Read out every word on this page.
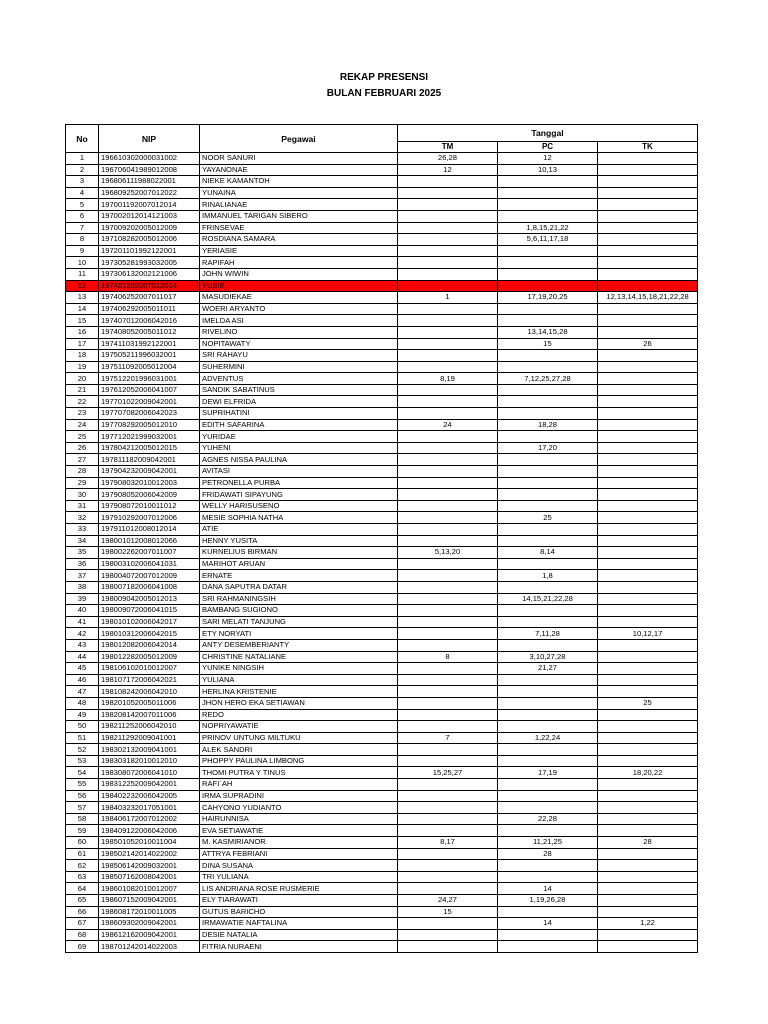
REKAP PRESENSI
BULAN FEBRUARI 2025
No	NIP	Pegawai	Tanggal		
			TM	PC	TK
1	196610302000031002	NOOR SANURI	26,28	12	
2	196706041989012008	YAYANONAE	12	10,13	
3	196806111988022001	NIEKE KAMANTOH			
4	196809252007012022	YUNAINA			
5	197001192007012014	RINALIANAE			
6	197002012014121003	IMMANUEL TARIGAN SIBERO			
7	197009202005012009	FRINSEVAE		1,8,15,21,22	
8	197108282005012006	ROSDIANA SAMARA		5,6,11,17,18	
9	197201101992122001	YERIASIE			
10	197305281993032005	RAPIFAH			
11	197306132002121006	JOHN WIWIN			
12	197401202007012014	YUSIE			
13	197406252007011017	MASUDIEKAE	1	17,19,20,25	12,13,14,15,18,21,22,28
14	197406292005011011	WOERI ARYANTO			
15	197407012006042016	IMELDA ASI			
16	197408052005011012	RIVELINO		13,14,15,28	
17	197411031992122001	NOPITAWATY		15	26
18	197505211996032001	SRI RAHAYU			
19	197511092005012004	SUHERMINI			
20	197512201996031001	ADVENTUS	8,19	7,12,25,27,28	
21	197612052006041007	SANDIK SABATINUS			
22	197701022009042001	DEWI ELFRIDA			
23	197707082006042023	SUPRIHATINI			
24	197708292005012010	EDITH SAFARINA	24	18,28	
25	197712021999032001	YURIDAE			
26	197804212005012015	YUHENI		17,20	
27	197811182009042001	AGNES NISSA PAULINA			
28	197904232009042001	AVITASI			
29	197908032010012003	PETRONELLA PURBA			
30	197908052006042009	FRIDAWATI SIPAYUNG			
31	197908072010011012	WELLY HARISUSENO			
32	197910292007012006	MESIE SOPHIA NATHA		25	
33	197911012008012014	ATIE			
34	198001012008012066	HENNY YUSITA			
35	198002262007011007	KURNELIUS BIRMAN	5,13,20	8,14	
36	198003102006041031	MARIHOT ARUAN			
37	198004072007012009	ERNATE		1,8	
38	198007182006041008	DANA SAPUTRA DATAR			
39	198009042005012013	SRI RAHMANINGSIH		14,15,21,22,28	
40	198009072006041015	BAMBANG SUGIONO			
41	198010102006042017	SARI MELATI TANJUNG			
42	198010312006042015	ETY NORYATI		7,11,28	10,12,17
43	198012082006042014	ANTY DESEMBERIANTY			
44	198012282005012009	CHRISTINE NATALIANE	8	3,10,27,28	
45	198106102010012007	YUNIKE NINGSIH		21,27	
46	198107172006042021	YULIANA			
47	198108242006042010	HERLINA KRISTENIE			
48	198201052005011006	JHON HERO EKA SETIAWAN			25
49	198208142007011006	REDO			
50	198211252006042010	NOPRIYAWATIE			
51	198211292009041001	PRINOV UNTUNG MILTUKU	7	1,22,24	
52	198302132009041001	ALEK SANDRI			
53	198303182010012010	PHOPPY PAULINA LIMBONG			
54	198308072006041010	THOMI PUTRA Y TINUS	15,25,27	17,19	18,20,22
55	198312252009042001	RAFI`AH			
56	198402232006042005	IRMA SUPRADINI			
57	198403232017051001	CAHYONO YUDIANTO			
58	198406172007012002	HAIRUNNISA		22,28	
59	198409122006042006	EVA SETIAWATIE			
60	198501052010011004	M. KASMIRIANOR	8,17	11,21,25	28
61	198502142014022002	ATTRYA FEBRIANI		28	
62	198506142009032001	DINA SUSANA			
63	198507162008042001	TRI YULIANA			
64	198601082010012007	LIS ANDRIANA ROSE RUSMERIE		14	
65	198607152009042001	ELY TIARAWATI	24,27	1,19,26,28	
66	198608172010011005	GUTUS BARICHO	15		
67	198609302009042001	IRMAWATIE NAFTALINA		14	1,22
68	198612162009042001	DESIE NATALIA			
69	198701242014022003	FITRIA NURAENI			
